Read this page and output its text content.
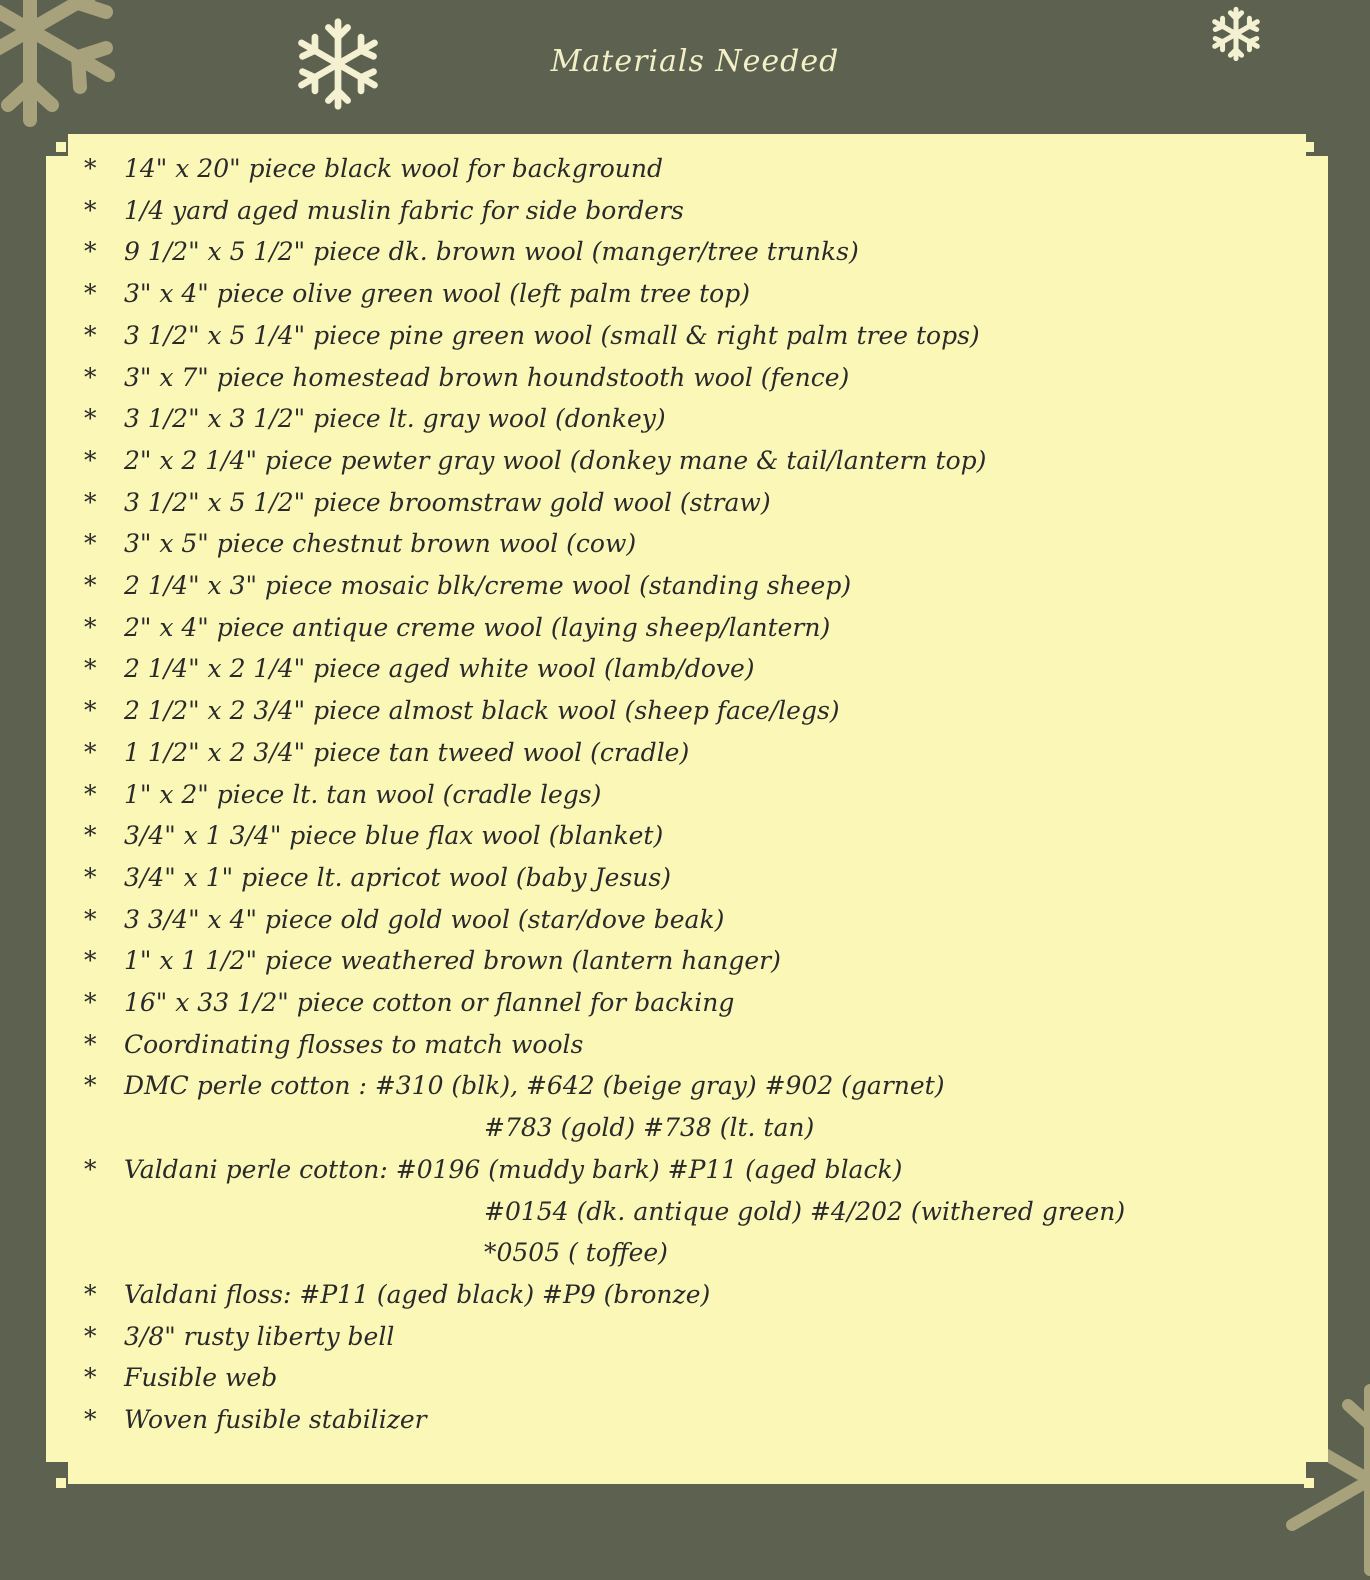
Materials Needed
* 14" x 20" piece black wool for background
* 1/4 yard aged muslin fabric for side borders
* 9 1/2" x 5 1/2" piece dk. brown wool (manger/tree trunks)
* 3" x 4" piece olive green wool (left palm tree top)
* 3 1/2" x 5 1/4" piece pine green wool (small & right palm tree tops)
* 3" x 7" piece homestead brown houndstooth wool (fence)
* 3 1/2" x 3 1/2" piece lt. gray wool (donkey)
* 2" x 2 1/4" piece pewter gray wool (donkey mane & tail/lantern top)
* 3 1/2" x 5 1/2" piece broomstraw gold wool (straw)
* 3" x 5" piece chestnut brown wool (cow)
* 2 1/4" x 3" piece mosaic blk/creme wool (standing sheep)
* 2" x 4" piece antique creme wool (laying sheep/lantern)
* 2 1/4" x 2 1/4" piece aged white wool (lamb/dove)
* 2 1/2" x 2 3/4" piece almost black wool (sheep face/legs)
* 1 1/2" x 2 3/4" piece tan tweed wool (cradle)
* 1" x 2" piece lt. tan wool (cradle legs)
* 3/4" x 1 3/4" piece blue flax wool (blanket)
* 3/4" x 1" piece lt. apricot wool (baby Jesus)
* 3 3/4" x 4" piece old gold wool (star/dove beak)
* 1" x 1 1/2" piece weathered brown (lantern hanger)
* 16" x 33 1/2" piece cotton or flannel for backing
* Coordinating flosses to match wools
* DMC perle cotton : #310 (blk), #642 (beige gray) #902 (garnet)
#783 (gold) #738 (lt. tan)
* Valdani perle cotton: #0196 (muddy bark) #P11 (aged black)
#0154 (dk. antique gold) #4/202 (withered green)
*0505 ( toffee)
* Valdani floss: #P11 (aged black) #P9 (bronze)
* 3/8" rusty liberty bell
* Fusible web
* Woven fusible stabilizer
